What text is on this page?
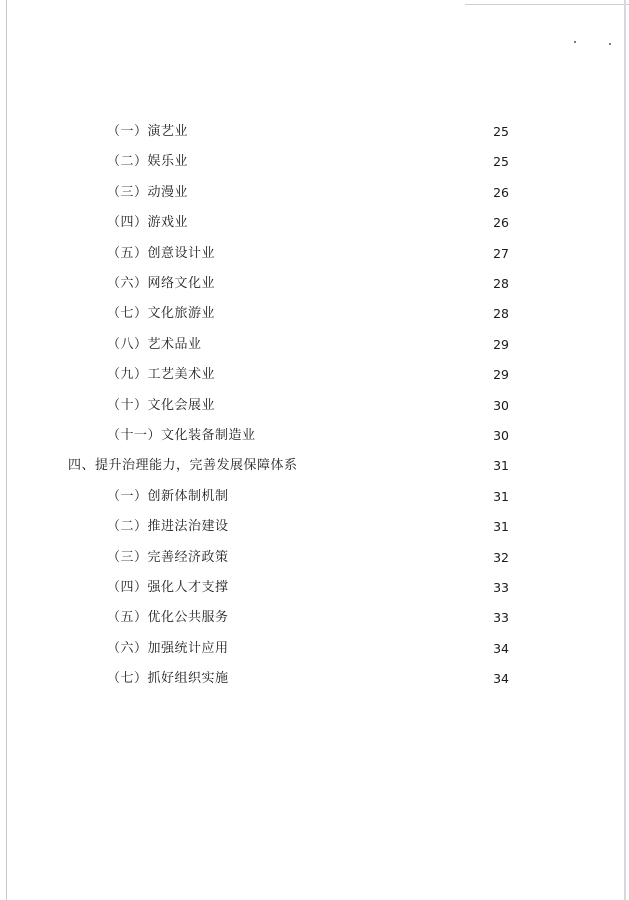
（一）演艺业	25
（二）娱乐业	25
（三）动漫业	26
（四）游戏业	26
（五）创意设计业	27
（六）网络文化业	28
（七）文化旅游业	28
（八）艺术品业	29
（九）工艺美术业	29
（十）文化会展业	30
（十一）文化装备制造业	30
四、提升治理能力，完善发展保障体系	31
（一）创新体制机制	31
（二）推进法治建设	31
（三）完善经济政策	32
（四）强化人才支撑	33
（五）优化公共服务	33
（六）加强统计应用	34
（七）抓好组织实施	34
